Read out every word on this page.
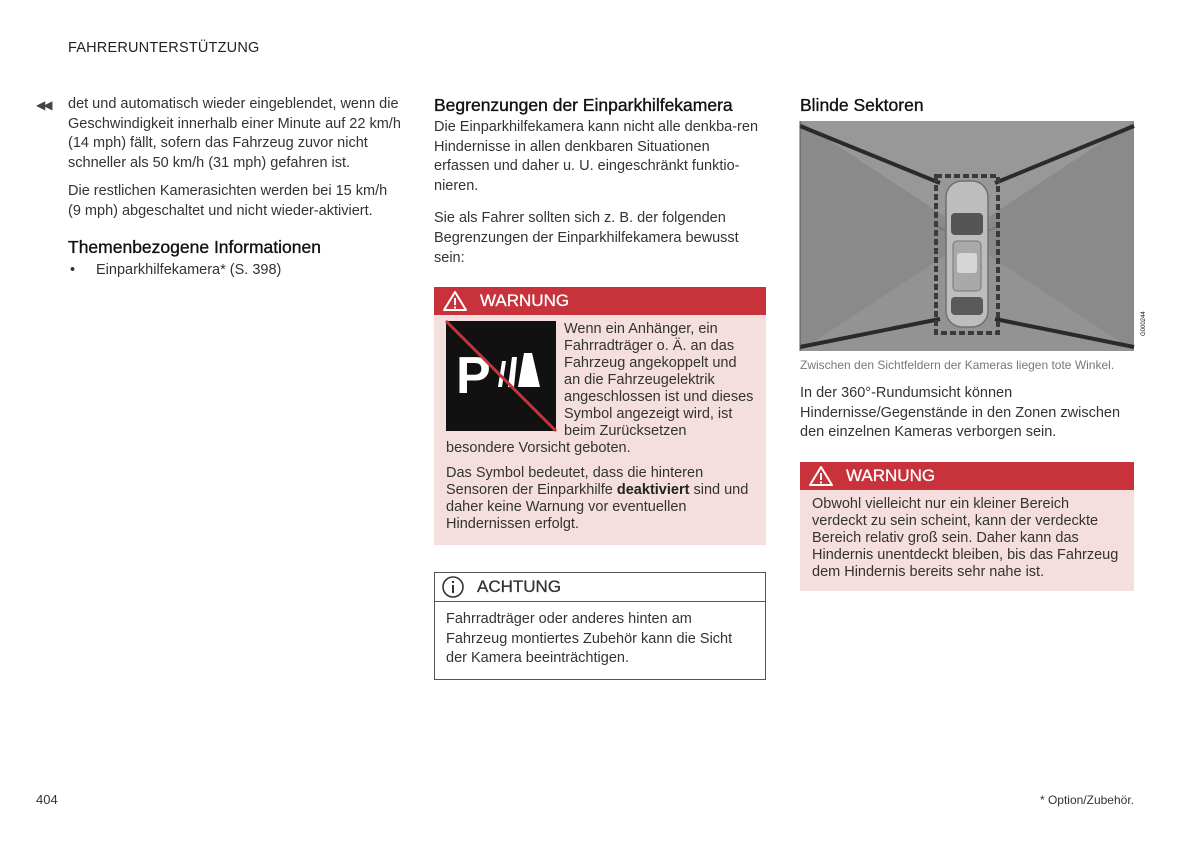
FAHRERUNTERSTÜTZUNG
◀◀ det und automatisch wieder eingeblendet, wenn die Geschwindigkeit innerhalb einer Minute auf 22 km/h (14 mph) fällt, sofern das Fahrzeug zuvor nicht schneller als 50 km/h (31 mph) gefahren ist.

Die restlichen Kamerasichten werden bei 15 km/h (9 mph) abgeschaltet und nicht wieder-aktiviert.

Themenbezogene Informationen
• Einparkhilfekamera* (S. 398)
Begrenzungen der Einparkhilfekamera

Die Einparkhilfekamera kann nicht alle denkba-ren Hindernisse in allen denkbaren Situationen erfassen und daher u. U. eingeschränkt funktio-nieren.

Sie als Fahrer sollten sich z. B. der folgenden Begrenzungen der Einparkhilfekamera bewusst sein:

WARNUNG
P

Wenn ein Anhänger, ein Fahrradträger o. Ä. an das Fahrzeug angekoppelt und an die Fahrzeugelektrik angeschlossen ist und dieses Symbol angezeigt wird, ist beim Zurücksetzen besondere Vorsicht geboten.

Das Symbol bedeutet, dass die hinteren Sensoren der Einparkhilfe deaktiviert sind und daher keine Warnung vor eventuellen Hindernissen erfolgt.

ACHTUNG

Fahrradträger oder anderes hinten am Fahrzeug montiertes Zubehör kann die Sicht der Kamera beeinträchtigen.

Blinde Sektoren
G000244
Zwischen den Sichtfeldern der Kameras liegen tote Winkel.

In der 360°-Rundumsicht können Hindernisse/Gegenstände in den Zonen zwischen den einzelnen Kameras verborgen sein.

WARNUNG

Obwohl vielleicht nur ein kleiner Bereich verdeckt zu sein scheint, kann der verdeckte Bereich relativ groß sein. Daher kann das Hindernis unentdeckt bleiben, bis das Fahrzeug dem Hindernis bereits sehr nahe ist.

404	* Option/Zubehör.
